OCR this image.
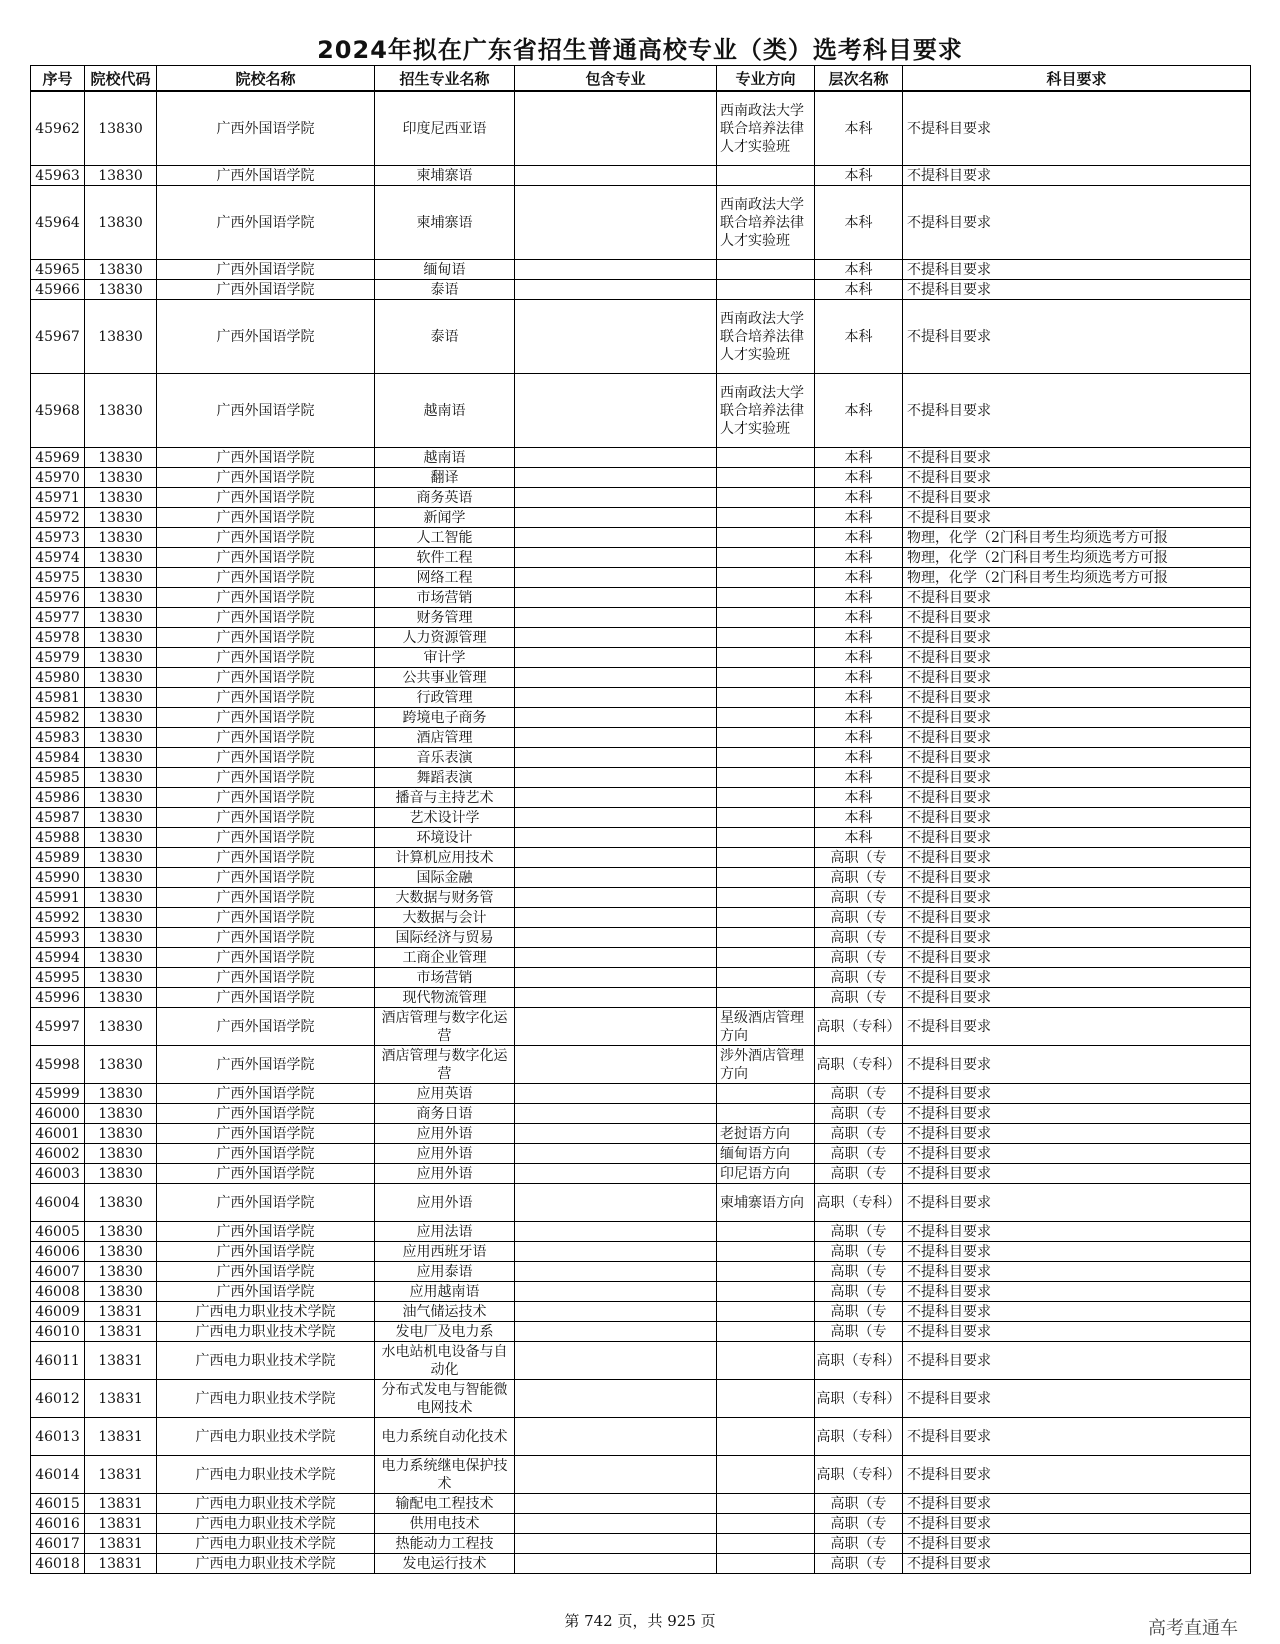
2024年拟在广东省招生普通高校专业（类）选考科目要求
序号	院校代码	院校名称	招生专业名称	包含专业	专业方向	层次名称	科目要求
45962	13830	广西外国语学院	印度尼西亚语		西南政法大学联合培养法律人才实验班	本科	不提科目要求
45963	13830	广西外国语学院	柬埔寨语			本科	不提科目要求
45964	13830	广西外国语学院	柬埔寨语		西南政法大学联合培养法律人才实验班	本科	不提科目要求
45965	13830	广西外国语学院	缅甸语			本科	不提科目要求
45966	13830	广西外国语学院	泰语			本科	不提科目要求
45967	13830	广西外国语学院	泰语		西南政法大学联合培养法律人才实验班	本科	不提科目要求
45968	13830	广西外国语学院	越南语		西南政法大学联合培养法律人才实验班	本科	不提科目要求
45969	13830	广西外国语学院	越南语			本科	不提科目要求
45970	13830	广西外国语学院	翻译			本科	不提科目要求
45971	13830	广西外国语学院	商务英语			本科	不提科目要求
45972	13830	广西外国语学院	新闻学			本科	不提科目要求
45973	13830	广西外国语学院	人工智能			本科	物理，化学（2门科目考生均须选考方可报
45974	13830	广西外国语学院	软件工程			本科	物理，化学（2门科目考生均须选考方可报
45975	13830	广西外国语学院	网络工程			本科	物理，化学（2门科目考生均须选考方可报
45976	13830	广西外国语学院	市场营销			本科	不提科目要求
45977	13830	广西外国语学院	财务管理			本科	不提科目要求
45978	13830	广西外国语学院	人力资源管理			本科	不提科目要求
45979	13830	广西外国语学院	审计学			本科	不提科目要求
45980	13830	广西外国语学院	公共事业管理			本科	不提科目要求
45981	13830	广西外国语学院	行政管理			本科	不提科目要求
45982	13830	广西外国语学院	跨境电子商务			本科	不提科目要求
45983	13830	广西外国语学院	酒店管理			本科	不提科目要求
45984	13830	广西外国语学院	音乐表演			本科	不提科目要求
45985	13830	广西外国语学院	舞蹈表演			本科	不提科目要求
45986	13830	广西外国语学院	播音与主持艺术			本科	不提科目要求
45987	13830	广西外国语学院	艺术设计学			本科	不提科目要求
45988	13830	广西外国语学院	环境设计			本科	不提科目要求
45989	13830	广西外国语学院	计算机应用技术			高职（专	不提科目要求
45990	13830	广西外国语学院	国际金融			高职（专	不提科目要求
45991	13830	广西外国语学院	大数据与财务管			高职（专	不提科目要求
45992	13830	广西外国语学院	大数据与会计			高职（专	不提科目要求
45993	13830	广西外国语学院	国际经济与贸易			高职（专	不提科目要求
45994	13830	广西外国语学院	工商企业管理			高职（专	不提科目要求
45995	13830	广西外国语学院	市场营销			高职（专	不提科目要求
45996	13830	广西外国语学院	现代物流管理			高职（专	不提科目要求
45997	13830	广西外国语学院	酒店管理与数字化运营		星级酒店管理方向	高职（专科）	不提科目要求
45998	13830	广西外国语学院	酒店管理与数字化运营		涉外酒店管理方向	高职（专科）	不提科目要求
45999	13830	广西外国语学院	应用英语			高职（专	不提科目要求
46000	13830	广西外国语学院	商务日语			高职（专	不提科目要求
46001	13830	广西外国语学院	应用外语		老挝语方向	高职（专	不提科目要求
46002	13830	广西外国语学院	应用外语		缅甸语方向	高职（专	不提科目要求
46003	13830	广西外国语学院	应用外语		印尼语方向	高职（专	不提科目要求
46004	13830	广西外国语学院	应用外语		柬埔寨语方向	高职（专科）	不提科目要求
46005	13830	广西外国语学院	应用法语			高职（专	不提科目要求
46006	13830	广西外国语学院	应用西班牙语			高职（专	不提科目要求
46007	13830	广西外国语学院	应用泰语			高职（专	不提科目要求
46008	13830	广西外国语学院	应用越南语			高职（专	不提科目要求
46009	13831	广西电力职业技术学院	油气储运技术			高职（专	不提科目要求
46010	13831	广西电力职业技术学院	发电厂及电力系			高职（专	不提科目要求
46011	13831	广西电力职业技术学院	水电站机电设备与自动化			高职（专科）	不提科目要求
46012	13831	广西电力职业技术学院	分布式发电与智能微电网技术			高职（专科）	不提科目要求
46013	13831	广西电力职业技术学院	电力系统自动化技术			高职（专科）	不提科目要求
46014	13831	广西电力职业技术学院	电力系统继电保护技术			高职（专科）	不提科目要求
46015	13831	广西电力职业技术学院	输配电工程技术			高职（专	不提科目要求
46016	13831	广西电力职业技术学院	供用电技术			高职（专	不提科目要求
46017	13831	广西电力职业技术学院	热能动力工程技			高职（专	不提科目要求
46018	13831	广西电力职业技术学院	发电运行技术			高职（专	不提科目要求
第 742 页，共 925 页	高考直通车
